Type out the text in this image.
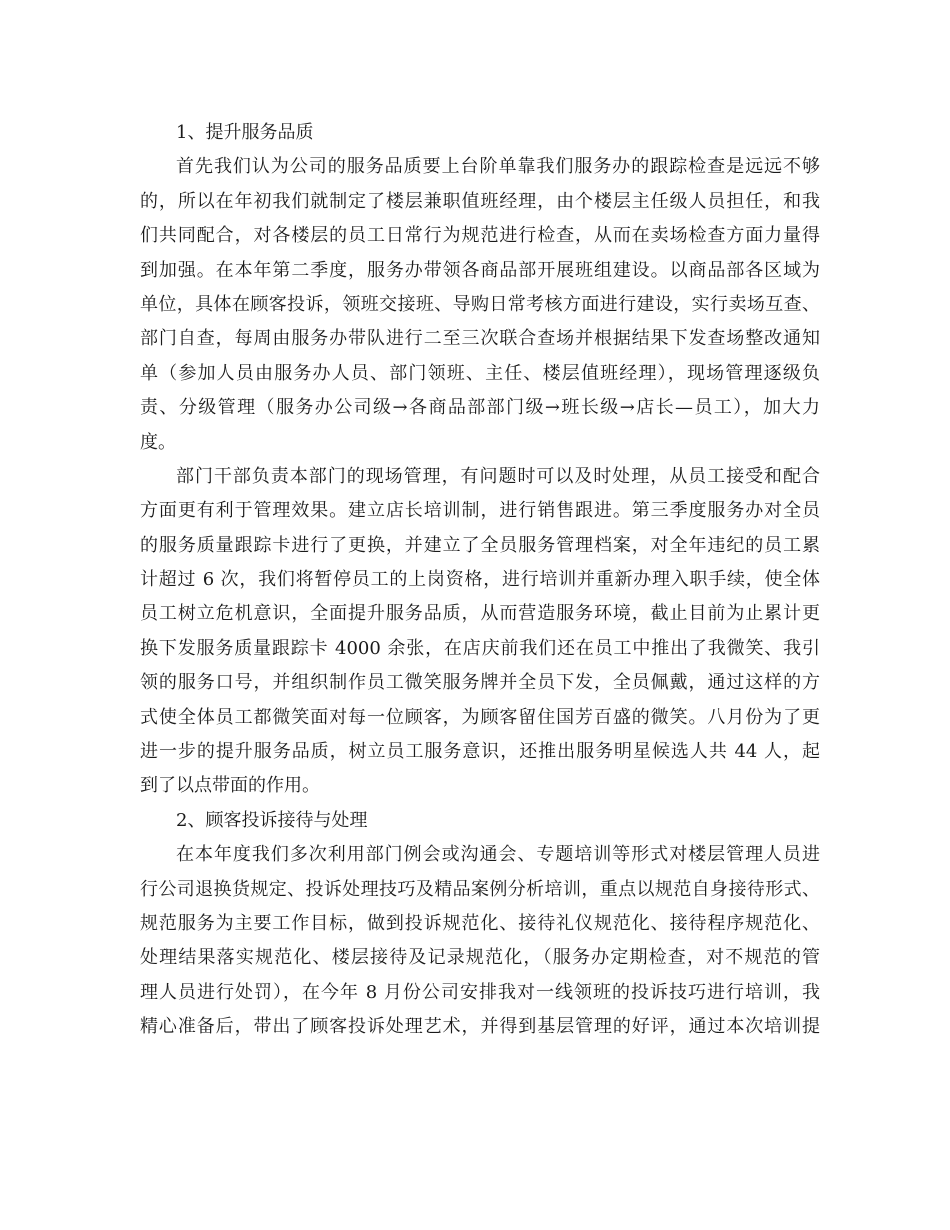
1、提升服务品质
首先我们认为公司的服务品质要上台阶单靠我们服务办的跟踪检查是远远不够
的，所以在年初我们就制定了楼层兼职值班经理，由个楼层主任级人员担任，和我
们共同配合，对各楼层的员工日常行为规范进行检查，从而在卖场检查方面力量得
到加强。在本年第二季度，服务办带领各商品部开展班组建设。以商品部各区域为
单位，具体在顾客投诉，领班交接班、导购日常考核方面进行建设，实行卖场互查、
部门自查，每周由服务办带队进行二至三次联合查场并根据结果下发查场整改通知
单（参加人员由服务办人员、部门领班、主任、楼层值班经理），现场管理逐级负
责、分级管理（服务办公司级→各商品部部门级→班长级→店长—员工），加大力
度。
部门干部负责本部门的现场管理，有问题时可以及时处理，从员工接受和配合
方面更有利于管理效果。建立店长培训制，进行销售跟进。第三季度服务办对全员
的服务质量跟踪卡进行了更换，并建立了全员服务管理档案，对全年违纪的员工累
计超过 6 次，我们将暂停员工的上岗资格，进行培训并重新办理入职手续，使全体
员工树立危机意识，全面提升服务品质，从而营造服务环境，截止目前为止累计更
换下发服务质量跟踪卡 4000 余张，在店庆前我们还在员工中推出了我微笑、我引
领的服务口号，并组织制作员工微笑服务牌并全员下发，全员佩戴，通过这样的方
式使全体员工都微笑面对每一位顾客，为顾客留住国芳百盛的微笑。八月份为了更
进一步的提升服务品质，树立员工服务意识，还推出服务明星候选人共 44 人，起
到了以点带面的作用。
2、顾客投诉接待与处理
在本年度我们多次利用部门例会或沟通会、专题培训等形式对楼层管理人员进
行公司退换货规定、投诉处理技巧及精品案例分析培训，重点以规范自身接待形式、
规范服务为主要工作目标，做到投诉规范化、接待礼仪规范化、接待程序规范化、
处理结果落实规范化、楼层接待及记录规范化，（服务办定期检查，对不规范的管
理人员进行处罚），在今年 8 月份公司安排我对一线领班的投诉技巧进行培训，我
精心准备后，带出了顾客投诉处理艺术，并得到基层管理的好评，通过本次培训提
